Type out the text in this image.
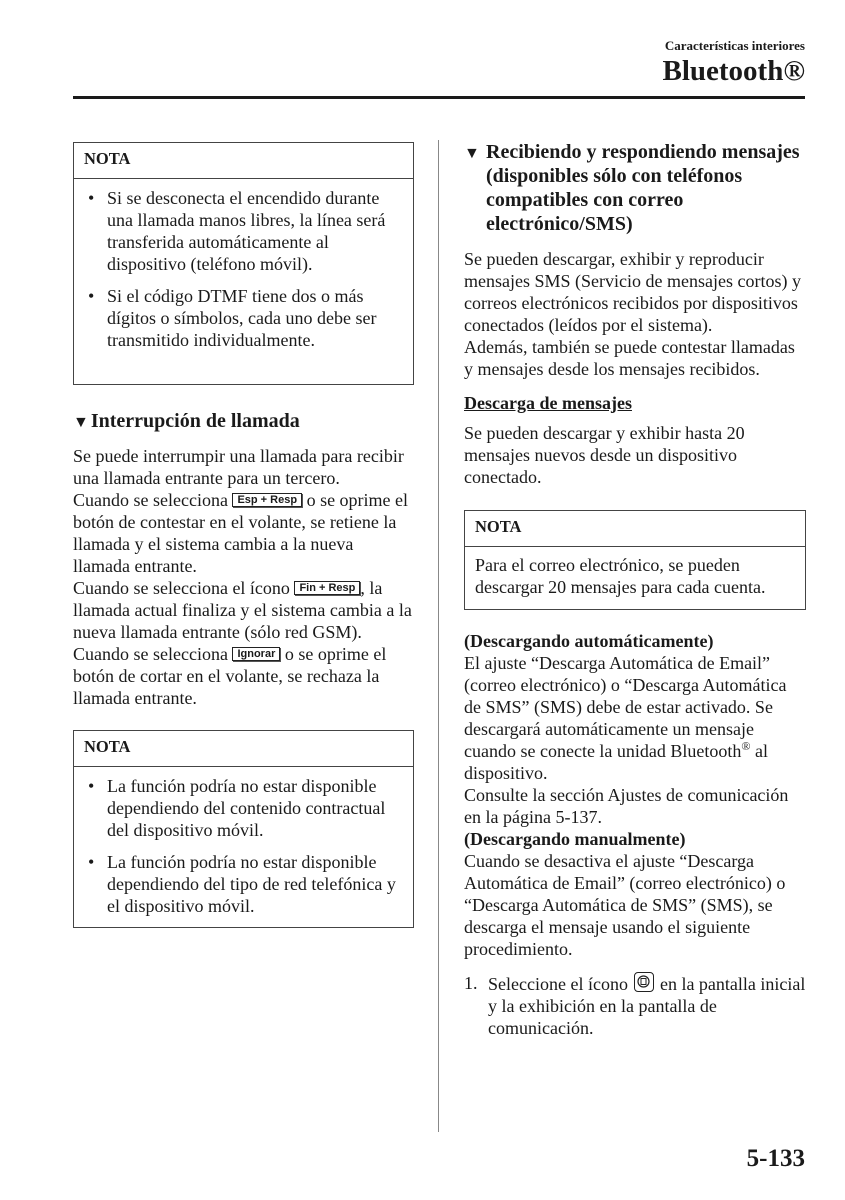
Características interiores
Bluetooth®
NOTA
• Si se desconecta el encendido durante una llamada manos libres, la línea será transferida automáticamente al dispositivo (teléfono móvil).
• Si el código DTMF tiene dos o más dígitos o símbolos, cada uno debe ser transmitido individualmente.
▼ Interrupción de llamada

Se puede interrumpir una llamada para recibir una llamada entrante para un tercero.

Cuando se selecciona Esp + Resp o se oprime el botón de contestar en el volante, se retiene la llamada y el sistema cambia a la nueva llamada entrante.

Cuando se selecciona el ícono Fin + Resp , la llamada actual finaliza y el sistema cambia a la nueva llamada entrante (sólo red GSM).

Cuando se selecciona Ignorar o se oprime el botón de cortar en el volante, se rechaza la llamada entrante.

NOTA
• La función podría no estar disponible dependiendo del contenido contractual del dispositivo móvil.
• La función podría no estar disponible dependiendo del tipo de red telefónica y el dispositivo móvil.
▼ Recibiendo y respondiendo mensajes (disponibles sólo con teléfonos compatibles con correo electrónico/SMS)

Se pueden descargar, exhibir y reproducir mensajes SMS (Servicio de mensajes cortos) y correos electrónicos recibidos por dispositivos conectados (leídos por el sistema).

Además, también se puede contestar llamadas y mensajes desde los mensajes recibidos.

Descarga de mensajes

Se pueden descargar y exhibir hasta 20 mensajes nuevos desde un dispositivo conectado.

NOTA
Para el correo electrónico, se pueden descargar 20 mensajes para cada cuenta.
(Descargando automáticamente)

El ajuste “Descarga Automática de Email” (correo electrónico) o “Descarga Automática de SMS” (SMS) debe de estar activado. Se descargará automáticamente un mensaje cuando se conecte la unidad Bluetooth® al dispositivo.

Consulte la sección Ajustes de comunicación en la página 5-137.

(Descargando manualmente)

Cuando se desactiva el ajuste “Descarga Automática de Email” (correo electrónico) o “Descarga Automática de SMS” (SMS), se descarga el mensaje usando el siguiente procedimiento.

1. Seleccione el ícono en la pantalla inicial y la exhibición en la pantalla de comunicación.
5-133
